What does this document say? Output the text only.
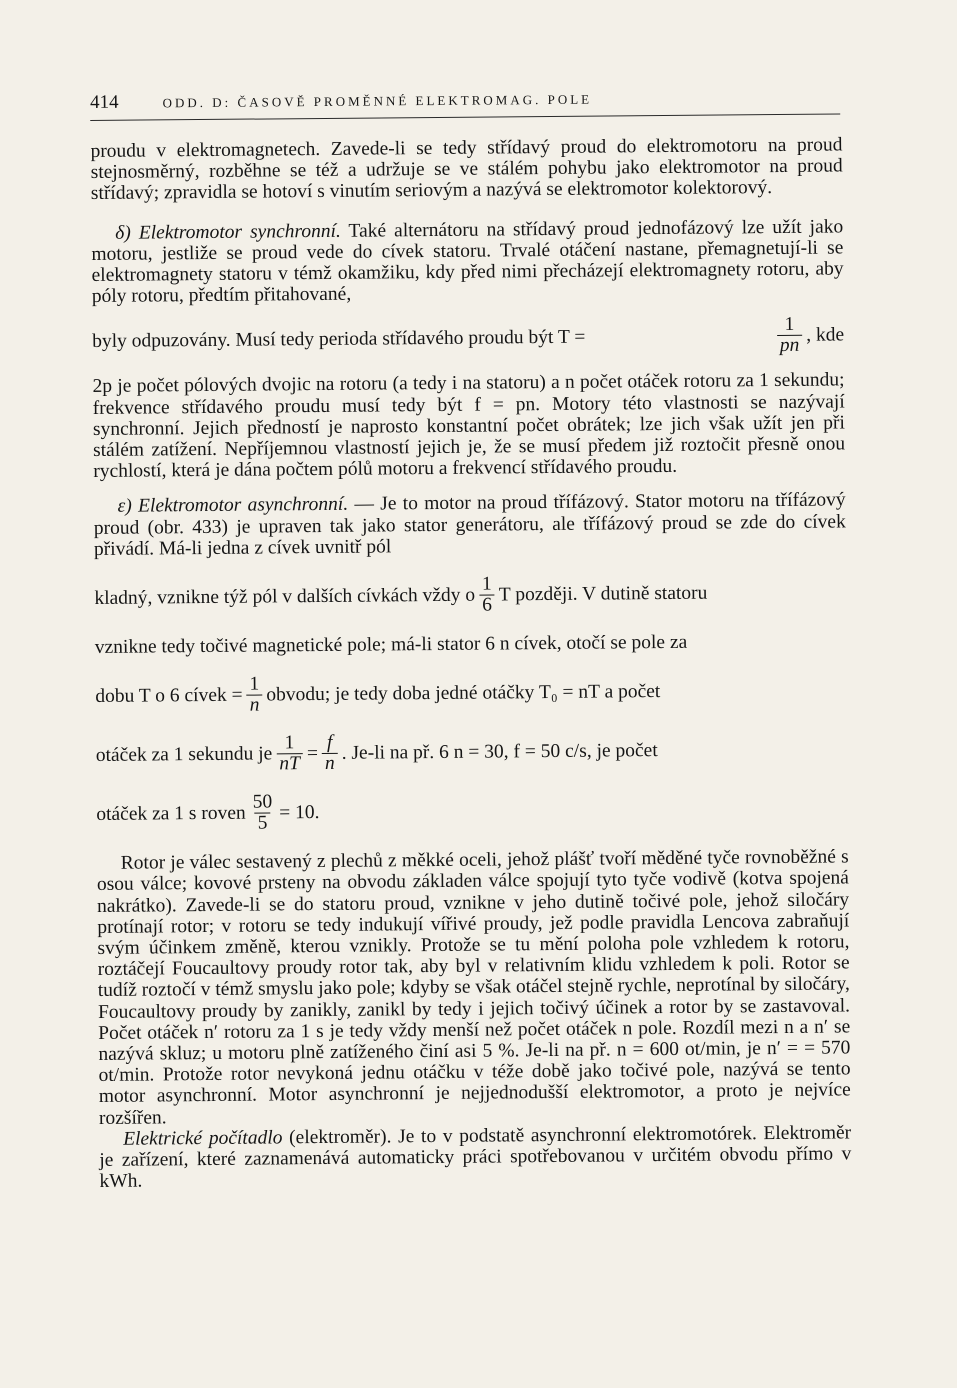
414	ODD. D: ČASOVĚ PROMĚNNÉ ELEKTROMAG. POLE

proudu v elektromagnetech. Zavede-li se tedy střídavý proud do elektromotoru na proud stejnosměrný, rozběhne se též a udržuje se ve stálém pohybu jako elektromotor na proud střídavý; zpravidla se hotoví s vinutím seriovým a nazývá se elektromotor kolektorový.

δ) Elektromotor synchronní. Také alternátoru na střídavý proud jednofázový lze užít jako motoru, jestliže se proud vede do cívek statoru. Trvalé otáčení nastane, přemagnetují-li se elektromagnety statoru v témž okamžiku, kdy před nimi přecházejí elektromagnety rotoru, aby póly rotoru, předtím přitahované,

byly odpuzovány. Musí tedy perioda střídavého proudu být T =	$\frac{1}{pn}$ , kde

2p je počet pólových dvojic na rotoru (a tedy i na statoru) a n počet otáček rotoru za 1 sekundu; frekvence střídavého proudu musí tedy být f = pn. Motory této vlastnosti se nazývají synchronní. Jejich předností je naprosto konstantní počet obrátek; lze jich však užít jen při stálém zatížení. Nepříjemnou vlastností jejich je, že se musí předem již roztočit přesně onou rychlostí, která je dána počtem pólů motoru a frekvencí střídavého proudu.

ε) Elektromotor asynchronní. — Je to motor na proud třífázový. Stator motoru na třífázový proud (obr. 433) je upraven tak jako stator generátoru, ale třífázový proud se zde do cívek přivádí. Má-li jedna z cívek uvnitř pól

kladný, vznikne týž pól v dalších cívkách vždy o $\frac{1}{6}$ T později. V dutině statoru
vznikne tedy točivé magnetické pole; má-li stator 6 n cívek, otočí se pole za
dobu T o 6 cívek = $\frac{1}{n}$ obvodu; je tedy doba jedné otáčky T₀ = nT a počet
otáček za 1 sekundu je $\frac{1}{nT} = \frac{f}{n}$ . Je-li na př. 6 n = 30, f = 50 c/s, je počet
otáček za 1 s roven $\frac{50}{5} = 10$.

Rotor je válec sestavený z plechů z měkké oceli, jehož plášť tvoří měděné tyče rovnoběžné s osou válce; kovové prsteny na obvodu základen válce spojují tyto tyče vodivě (kotva spojená nakrátko). Zavede-li se do statoru proud, vznikne v jeho dutině točivé pole, jehož siločáry protínají rotor; v rotoru se tedy indukují vířivé proudy, jež podle pravidla Lencova zabraňují svým účinkem změně, kterou vznikly. Protože se tu mění poloha pole vzhledem k rotoru, roztáčejí Foucaultovy proudy rotor tak, aby byl v relativním klidu vzhledem k poli. Rotor se tudíž roztočí v témž smyslu jako pole; kdyby se však otáčel stejně rychle, neprotínal by siločáry, Foucaultovy proudy by zanikly, zanikl by tedy i jejich točivý účinek a rotor by se zastavoval. Počet otáček n′ rotoru za 1 s je tedy vždy menší než počet otáček n pole. Rozdíl mezi n a n′ se nazývá skluz; u motoru plně zatíženého činí asi 5 %. Je-li na př. n = 600 ot/min, je n′ = = 570 ot/min. Protože rotor nevykoná jednu otáčku v téže době jako točivé pole, nazývá se tento motor asynchronní. Motor asynchronní je nejjednodušší elektromotor, a proto je nejvíce rozšířen.

Elektrické počítadlo (elektroměr). Je to v podstatě asynchronní elektromotórek. Elektroměr je zařízení, které zaznamenává automaticky práci spotřebovanou v určitém obvodu přímo v kWh.
